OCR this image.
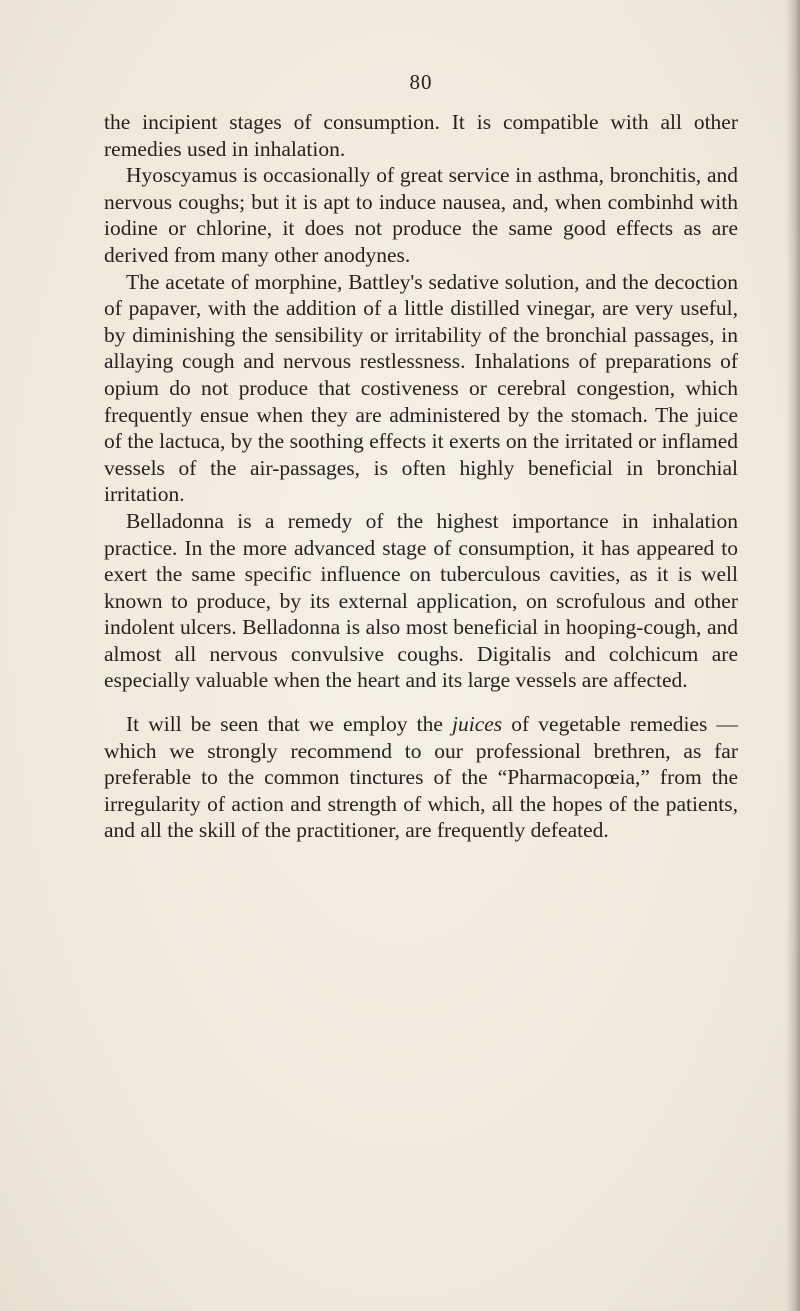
80

the incipient stages of consumption. It is compatible with all other remedies used in inhalation.

Hyoscyamus is occasionally of great service in asthma, bronchitis, and nervous coughs; but it is apt to induce nausea, and, when combinhd with iodine or chlorine, it does not produce the same good effects as are derived from many other anodynes.

The acetate of morphine, Battley's sedative solution, and the decoction of papaver, with the addition of a little distilled vinegar, are very useful, by diminishing the sensibility or irritability of the bronchial passages, in allaying cough and nervous restlessness. Inhalations of preparations of opium do not produce that costiveness or cerebral congestion, which frequently ensue when they are administered by the stomach. The juice of the lactuca, by the soothing effects it exerts on the irritated or inflamed vessels of the air-passages, is often highly beneficial in bronchial irritation.

Belladonna is a remedy of the highest importance in inhalation practice. In the more advanced stage of consumption, it has appeared to exert the same specific influence on tuberculous cavities, as it is well known to produce, by its external application, on scrofulous and other indolent ulcers. Belladonna is also most beneficial in hooping-cough, and almost all nervous convulsive coughs. Digitalis and colchicum are especially valuable when the heart and its large vessels are affected.

It will be seen that we employ the juices of vegetable remedies —which we strongly recommend to our professional brethren, as far preferable to the common tinctures of the “Pharmacopœia,” from the irregularity of action and strength of which, all the hopes of the patients, and all the skill of the practitioner, are frequently defeated.
